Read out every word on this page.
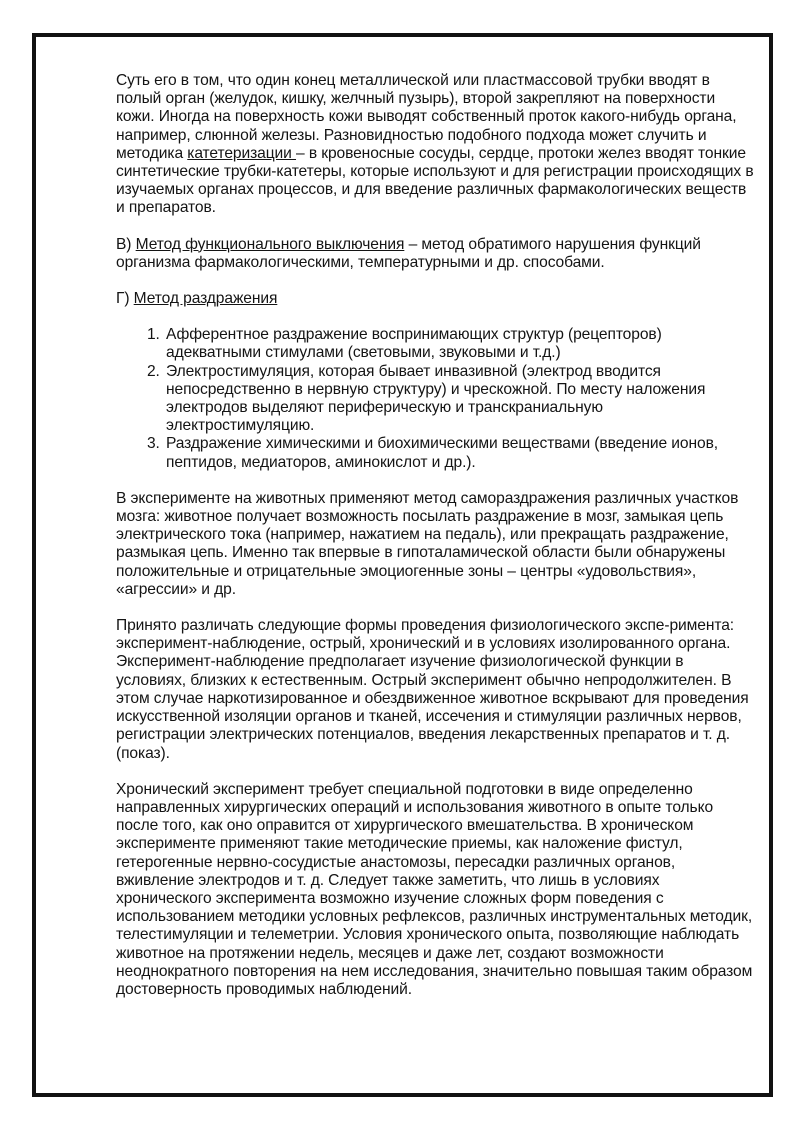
Суть его в том, что один конец металлической или пластмассовой трубки вводят в полый орган (желудок, кишку, желчный пузырь), второй закрепляют на поверхности кожи. Иногда на поверхность кожи выводят собственный проток какого-нибудь органа, например, слюнной железы. Разновидностью подобного подхода может случить и методика катетеризации – в кровеносные сосуды, сердце, протоки желез вводят тонкие синтетические трубки-катетеры, которые используют и для регистрации происходящих в изучаемых органах процессов, и для введение различных фармакологических веществ и препаратов.

В) Метод функционального выключения – метод обратимого нарушения функций организма фармакологическими, температурными и др. способами.

Г) Метод раздражения

1. Афферентное раздражение воспринимающих структур (рецепторов) адекватными стимулами (световыми, звуковыми и т.д.)
2. Электростимуляция, которая бывает инвазивной (электрод вводится непосредственно в нервную структуру) и чрескожной. По месту наложения электродов выделяют периферическую и транскраниальную электростимуляцию.
3. Раздражение химическими и биохимическими веществами (введение ионов, пептидов, медиаторов, аминокислот и др.).

В эксперименте на животных применяют метод самораздражения различных участков мозга: животное получает возможность посылать раздражение в мозг, замыкая цепь электрического тока (например, нажатием на педаль), или прекращать раздражение, размыкая цепь. Именно так впервые в гипоталамической области были обнаружены положительные и отрицательные эмоциогенные зоны – центры «удовольствия», «агрессии» и др.

Принято различать следующие формы проведения физиологического экспе-римента: эксперимент-наблюдение, острый, хронический и в условиях изолированного органа. Эксперимент-наблюдение предполагает изучение физиологической функции в условиях, близких к естественным. Острый эксперимент обычно непродолжителен. В этом случае наркотизированное и обездвиженное животное вскрывают для проведения искусственной изоляции органов и тканей, иссечения и стимуляции различных нервов, регистрации электрических потенциалов, введения лекарственных препаратов и т. д. (показ).

Хронический эксперимент требует специальной подготовки в виде определенно направленных хирургических операций и использования животного в опыте только после того, как оно оправится от хирургического вмешательства. В хроническом эксперименте применяют такие методические приемы, как наложение фистул, гетерогенные нервно-сосудистые анастомозы, пересадки различных органов, вживление электродов и т. д. Следует также заметить, что лишь в условиях хронического эксперимента возможно изучение сложных форм поведения с использованием методики условных рефлексов, различных инструментальных методик, телестимуляции и телеметрии. Условия хронического опыта, позволяющие наблюдать животное на протяжении недель, месяцев и даже лет, создают возможности неоднократного повторения на нем исследования, значительно повышая таким образом достоверность проводимых наблюдений.
